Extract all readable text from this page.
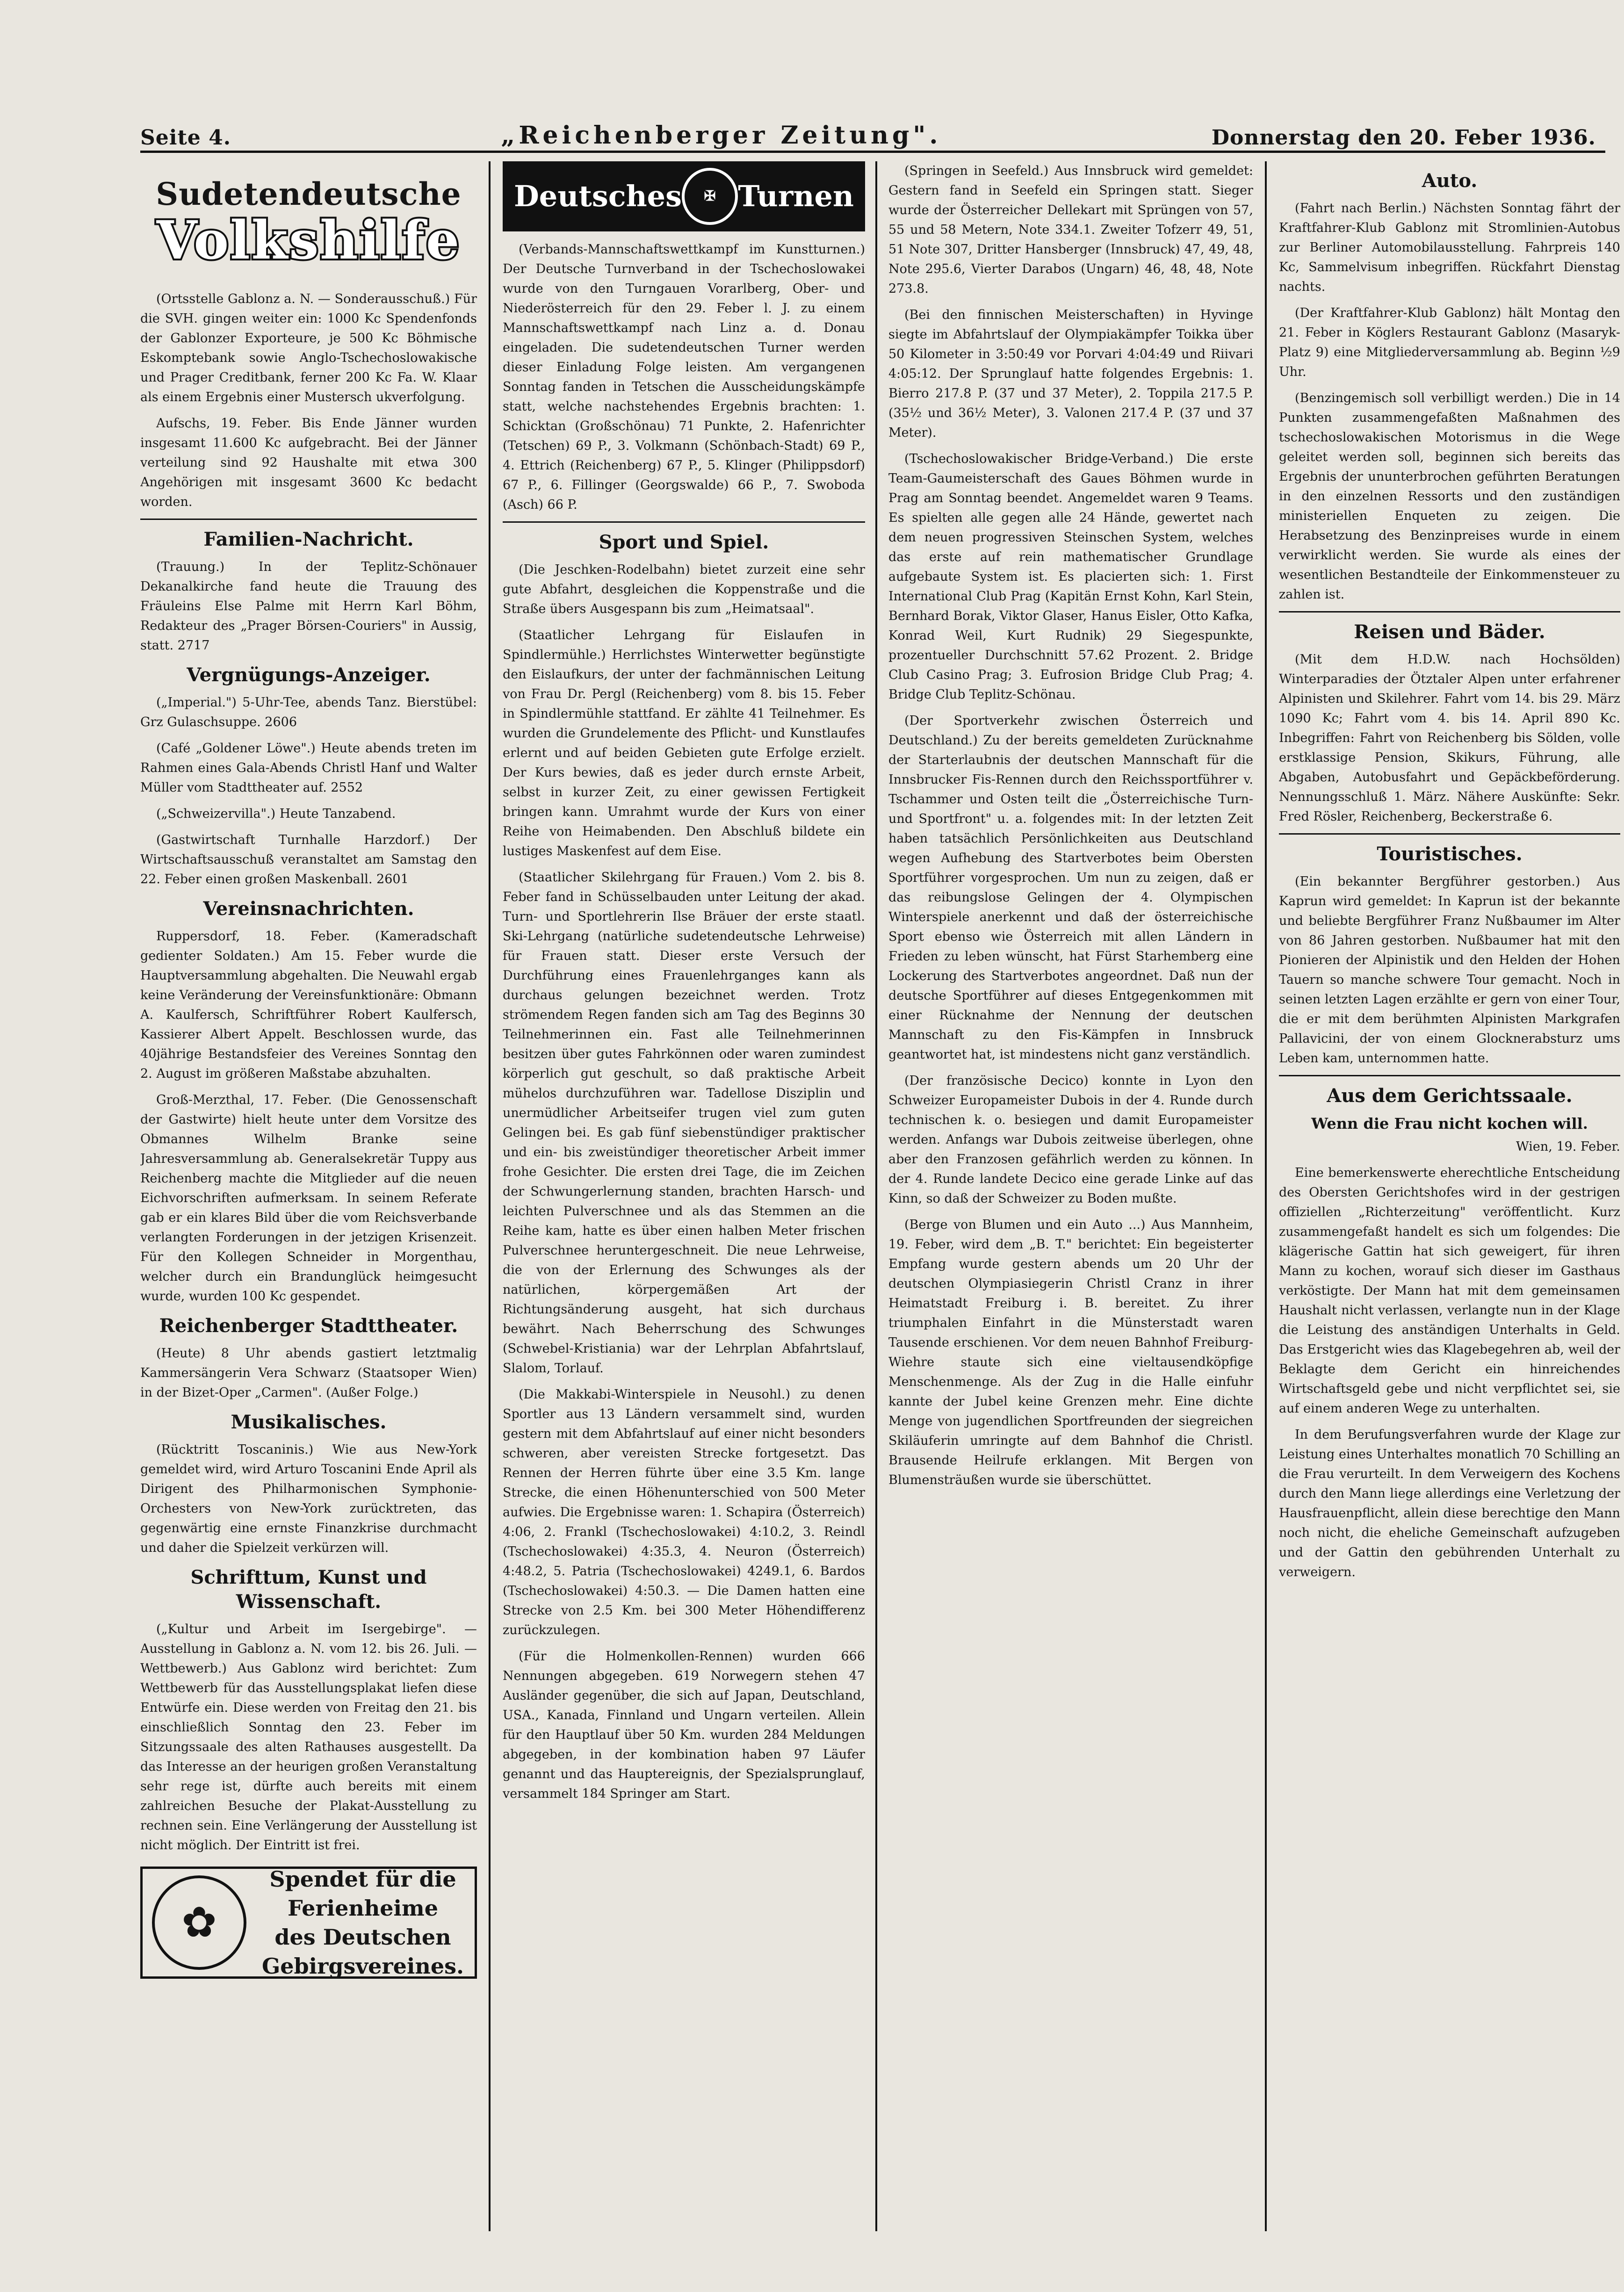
Seite 4.	„Reichenberger Zeitung".	Donnerstag den 20. Feber 1936.
Sudetendeutsche
Volkshilfe

(Ortsstelle Gablonz a. N. — Sonderausschuß.) Für die SVH. gingen weiter ein: 1000 Kc Spendenfonds der Gablonzer Exporteure, je 500 Kc Böhmische Eskomptebank sowie Anglo-Tschechoslowakische und Prager Creditbank, ferner 200 Kc Fa. W. Klaar als einem Ergebnis einer Mustersch ukverfolgung.

Aufschs, 19. Feber. Bis Ende Jänner wurden insgesamt 11.600 Kc aufgebracht. Bei der Jänner verteilung sind 92 Haushalte mit etwa 300 Angehörigen mit insgesamt 3600 Kc bedacht worden.

Familien-Nachricht.

(Trauung.) In der Teplitz-Schönauer Dekanalkirche fand heute die Trauung des Fräuleins Else Palme mit Herrn Karl Böhm, Redakteur des „Prager Börsen-Couriers" in Aussig, statt. 2717

Vergnügungs-Anzeiger.

(„Imperial.") 5-Uhr-Tee, abends Tanz. Bierstübel: Grz Gulaschsuppe. 2606

(Café „Goldener Löwe".) Heute abends treten im Rahmen eines Gala-Abends Christl Hanf und Walter Müller vom Stadttheater auf. 2552

(„Schweizervilla".) Heute Tanzabend.

(Gastwirtschaft Turnhalle Harzdorf.) Der Wirtschaftsausschuß veranstaltet am Samstag den 22. Feber einen großen Maskenball. 2601

Vereinsnachrichten.

Ruppersdorf, 18. Feber. (Kameradschaft gedienter Soldaten.) Am 15. Feber wurde die Hauptversammlung abgehalten. Die Neuwahl ergab keine Veränderung der Vereinsfunktionäre: Obmann A. Kaulfersch, Schriftführer Robert Kaulfersch, Kassierer Albert Appelt. Beschlossen wurde, das 40jährige Bestandsfeier des Vereines Sonntag den 2. August im größeren Maßstabe abzuhalten.

Groß-Merzthal, 17. Feber. (Die Genossenschaft der Gastwirte) hielt heute unter dem Vorsitze des Obmannes Wilhelm Branke seine Jahresversammlung ab. Generalsekretär Tuppy aus Reichenberg machte die Mitglieder auf die neuen Eichvorschriften aufmerksam. In seinem Referate gab er ein klares Bild über die vom Reichsverbande verlangten Forderungen in der jetzigen Krisenzeit. Für den Kollegen Schneider in Morgenthau, welcher durch ein Brandunglück heimgesucht wurde, wurden 100 Kc gespendet.

Reichenberger Stadttheater.

(Heute) 8 Uhr abends gastiert letztmalig Kammersängerin Vera Schwarz (Staatsoper Wien) in der Bizet-Oper „Carmen". (Außer Folge.)

Musikalisches.

(Rücktritt Toscaninis.) Wie aus New-York gemeldet wird, wird Arturo Toscanini Ende April als Dirigent des Philharmonischen Symphonie-Orchesters von New-York zurücktreten, das gegenwärtig eine ernste Finanzkrise durchmacht und daher die Spielzeit verkürzen will.

Schrifttum, Kunst und Wissenschaft.

(„Kultur und Arbeit im Isergebirge". — Ausstellung in Gablonz a. N. vom 12. bis 26. Juli. — Wettbewerb.) Aus Gablonz wird berichtet: Zum Wettbewerb für das Ausstellungsplakat liefen diese Entwürfe ein. Diese werden von Freitag den 21. bis einschließlich Sonntag den 23. Feber im Sitzungssaale des alten Rathauses ausgestellt. Da das Interesse an der heurigen großen Veranstaltung sehr rege ist, dürfte auch bereits mit einem zahlreichen Besuche der Plakat-Ausstellung zu rechnen sein. Eine Verlängerung der Ausstellung ist nicht möglich. Der Eintritt ist frei.

✿
Spendet für die
Ferienheime
des Deutschen
Gebirgsvereines.
Deutsches	✠ Turnen

(Verbands-Mannschaftswettkampf im Kunstturnen.) Der Deutsche Turnverband in der Tschechoslowakei wurde von den Turngauen Vorarlberg, Ober- und Niederösterreich für den 29. Feber l. J. zu einem Mannschaftswettkampf nach Linz a. d. Donau eingeladen. Die sudetendeutschen Turner werden dieser Einladung Folge leisten. Am vergangenen Sonntag fanden in Tetschen die Ausscheidungskämpfe statt, welche nachstehendes Ergebnis brachten: 1. Schicktan (Großschönau) 71 Punkte, 2. Hafenrichter (Tetschen) 69 P., 3. Volkmann (Schönbach-Stadt) 69 P., 4. Ettrich (Reichenberg) 67 P., 5. Klinger (Philippsdorf) 67 P., 6. Fillinger (Georgswalde) 66 P., 7. Swoboda (Asch) 66 P.

Sport und Spiel.

(Die Jeschken-Rodelbahn) bietet zurzeit eine sehr gute Abfahrt, desgleichen die Koppenstraße und die Straße übers Ausgespann bis zum „Heimatsaal".

(Staatlicher Lehrgang für Eislaufen in Spindlermühle.) Herrlichstes Winterwetter begünstigte den Eislaufkurs, der unter der fachmännischen Leitung von Frau Dr. Pergl (Reichenberg) vom 8. bis 15. Feber in Spindlermühle stattfand. Er zählte 41 Teilnehmer. Es wurden die Grundelemente des Pflicht- und Kunstlaufes erlernt und auf beiden Gebieten gute Erfolge erzielt. Der Kurs bewies, daß es jeder durch ernste Arbeit, selbst in kurzer Zeit, zu einer gewissen Fertigkeit bringen kann. Umrahmt wurde der Kurs von einer Reihe von Heimabenden. Den Abschluß bildete ein lustiges Maskenfest auf dem Eise.

(Staatlicher Skilehrgang für Frauen.) Vom 2. bis 8. Feber fand in Schüsselbauden unter Leitung der akad. Turn- und Sportlehrerin Ilse Bräuer der erste staatl. Ski-Lehrgang (natürliche sudetendeutsche Lehrweise) für Frauen statt. Dieser erste Versuch der Durchführung eines Frauenlehrganges kann als durchaus gelungen bezeichnet werden. Trotz strömendem Regen fanden sich am Tag des Beginns 30 Teilnehmerinnen ein. Fast alle Teilnehmerinnen besitzen über gutes Fahrkönnen oder waren zumindest körperlich gut geschult, so daß praktische Arbeit mühelos durchzuführen war. Tadellose Disziplin und unermüdlicher Arbeitseifer trugen viel zum guten Gelingen bei. Es gab fünf siebenstündiger praktischer und ein- bis zweistündiger theoretischer Arbeit immer frohe Gesichter. Die ersten drei Tage, die im Zeichen der Schwungerlernung standen, brachten Harsch- und leichten Pulverschnee und als das Stemmen an die Reihe kam, hatte es über einen halben Meter frischen Pulverschnee heruntergeschneit. Die neue Lehrweise, die von der Erlernung des Schwunges als der natürlichen, körpergemäßen Art der Richtungsänderung ausgeht, hat sich durchaus bewährt. Nach Beherrschung des Schwunges (Schwebel-Kristiania) war der Lehrplan Abfahrtslauf, Slalom, Torlauf.

(Die Makkabi-Winterspiele in Neusohl.) zu denen Sportler aus 13 Ländern versammelt sind, wurden gestern mit dem Abfahrtslauf auf einer nicht besonders schweren, aber vereisten Strecke fortgesetzt. Das Rennen der Herren führte über eine 3.5 Km. lange Strecke, die einen Höhenunterschied von 500 Meter aufwies. Die Ergebnisse waren: 1. Schapira (Österreich) 4:06, 2. Frankl (Tschechoslowakei) 4:10.2, 3. Reindl (Tschechoslowakei) 4:35.3, 4. Neuron (Österreich) 4:48.2, 5. Patria (Tschechoslowakei) 4249.1, 6. Bardos (Tschechoslowakei) 4:50.3. — Die Damen hatten eine Strecke von 2.5 Km. bei 300 Meter Höhendifferenz zurückzulegen.

(Für die Holmenkollen-Rennen) wurden 666 Nennungen abgegeben. 619 Norwegern stehen 47 Ausländer gegenüber, die sich auf Japan, Deutschland, USA., Kanada, Finnland und Ungarn verteilen. Allein für den Hauptlauf über 50 Km. wurden 284 Meldungen abgegeben, in der kombination haben 97 Läufer genannt und das Hauptereignis, der Spezialsprunglauf, versammelt 184 Springer am Start.

(Springen in Seefeld.) Aus Innsbruck wird gemeldet: Gestern fand in Seefeld ein Springen statt. Sieger wurde der Österreicher Dellekart mit Sprüngen von 57, 55 und 58 Metern, Note 334.1. Zweiter Tofzerr 49, 51, 51 Note 307, Dritter Hansberger (Innsbruck) 47, 49, 48, Note 295.6, Vierter Darabos (Ungarn) 46, 48, 48, Note 273.8.

(Bei den finnischen Meisterschaften) in Hyvinge siegte im Abfahrtslauf der Olympiakämpfer Toikka über 50 Kilometer in 3:50:49 vor Porvari 4:04:49 und Riivari 4:05:12. Der Sprunglauf hatte folgendes Ergebnis: 1. Bierro 217.8 P. (37 und 37 Meter), 2. Toppila 217.5 P. (35½ und 36½ Meter), 3. Valonen 217.4 P. (37 und 37 Meter).

(Tschechoslowakischer Bridge-Verband.) Die erste Team-Gaumeisterschaft des Gaues Böhmen wurde in Prag am Sonntag beendet. Angemeldet waren 9 Teams. Es spielten alle gegen alle 24 Hände, gewertet nach dem neuen progressiven Steinschen System, welches das erste auf rein mathematischer Grundlage aufgebaute System ist. Es placierten sich: 1. First International Club Prag (Kapitän Ernst Kohn, Karl Stein, Bernhard Borak, Viktor Glaser, Hanus Eisler, Otto Kafka, Konrad Weil, Kurt Rudnik) 29 Siegespunkte, prozentueller Durchschnitt 57.62 Prozent. 2. Bridge Club Casino Prag; 3. Eufrosion Bridge Club Prag; 4. Bridge Club Teplitz-Schönau.

(Der Sportverkehr zwischen Österreich und Deutschland.) Zu der bereits gemeldeten Zurücknahme der Starterlaubnis der deutschen Mannschaft für die Innsbrucker Fis-Rennen durch den Reichssportführer v. Tschammer und Osten teilt die „Österreichische Turn- und Sportfront" u. a. folgendes mit: In der letzten Zeit haben tatsächlich Persönlichkeiten aus Deutschland wegen Aufhebung des Startverbotes beim Obersten Sportführer vorgesprochen. Um nun zu zeigen, daß er das reibungslose Gelingen der 4. Olympischen Winterspiele anerkennt und daß der österreichische Sport ebenso wie Österreich mit allen Ländern in Frieden zu leben wünscht, hat Fürst Starhemberg eine Lockerung des Startverbotes angeordnet. Daß nun der deutsche Sportführer auf dieses Entgegenkommen mit einer Rücknahme der Nennung der deutschen Mannschaft zu den Fis-Kämpfen in Innsbruck geantwortet hat, ist mindestens nicht ganz verständlich.

(Der französische Decico) konnte in Lyon den Schweizer Europameister Dubois in der 4. Runde durch technischen k. o. besiegen und damit Europameister werden. Anfangs war Dubois zeitweise überlegen, ohne aber den Franzosen gefährlich werden zu können. In der 4. Runde landete Decico eine gerade Linke auf das Kinn, so daß der Schweizer zu Boden mußte.

(Berge von Blumen und ein Auto ...) Aus Mannheim, 19. Feber, wird dem „B. T." berichtet: Ein begeisterter Empfang wurde gestern abends um 20 Uhr der deutschen Olympiasiegerin Christl Cranz in ihrer Heimatstadt Freiburg i. B. bereitet. Zu ihrer triumphalen Einfahrt in die Münsterstadt waren Tausende erschienen. Vor dem neuen Bahnhof Freiburg-Wiehre staute sich eine vieltausendköpfige Menschenmenge. Als der Zug in die Halle einfuhr kannte der Jubel keine Grenzen mehr. Eine dichte Menge von jugendlichen Sportfreunden der siegreichen Skiläuferin umringte auf dem Bahnhof die Christl. Brausende Heilrufe erklangen. Mit Bergen von Blumensträußen wurde sie überschüttet.

Auto.

(Fahrt nach Berlin.) Nächsten Sonntag fährt der Kraftfahrer-Klub Gablonz mit Stromlinien-Autobus zur Berliner Automobilausstellung. Fahrpreis 140 Kc, Sammelvisum inbegriffen. Rückfahrt Dienstag nachts.

(Der Kraftfahrer-Klub Gablonz) hält Montag den 21. Feber in Köglers Restaurant Gablonz (Masaryk-Platz 9) eine Mitgliederversammlung ab. Beginn ½9 Uhr.

(Benzingemisch soll verbilligt werden.) Die in 14 Punkten zusammengefaßten Maßnahmen des tschechoslowakischen Motorismus in die Wege geleitet werden soll, beginnen sich bereits das Ergebnis der ununterbrochen geführten Beratungen in den einzelnen Ressorts und den zuständigen ministeriellen Enqueten zu zeigen. Die Herabsetzung des Benzinpreises wurde in einem verwirklicht werden. Sie wurde als eines der wesentlichen Bestandteile der Einkommensteuer zu zahlen ist.

Reisen und Bäder.

(Mit dem H.D.W. nach Hochsölden) Winterparadies der Ötztaler Alpen unter erfahrener Alpinisten und Skilehrer. Fahrt vom 14. bis 29. März 1090 Kc; Fahrt vom 4. bis 14. April 890 Kc. Inbegriffen: Fahrt von Reichenberg bis Sölden, volle erstklassige Pension, Skikurs, Führung, alle Abgaben, Autobusfahrt und Gepäckbeförderung. Nennungsschluß 1. März. Nähere Auskünfte: Sekr. Fred Rösler, Reichenberg, Beckerstraße 6.

Touristisches.

(Ein bekannter Bergführer gestorben.) Aus Kaprun wird gemeldet: In Kaprun ist der bekannte und beliebte Bergführer Franz Nußbaumer im Alter von 86 Jahren gestorben. Nußbaumer hat mit den Pionieren der Alpinistik und den Helden der Hohen Tauern so manche schwere Tour gemacht. Noch in seinen letzten Lagen erzählte er gern von einer Tour, die er mit dem berühmten Alpinisten Markgrafen Pallavicini, der von einem Glocknerabsturz ums Leben kam, unternommen hatte.

Aus dem Gerichtssaale.
Wenn die Frau nicht kochen will.

Wien, 19. Feber.

Eine bemerkenswerte eherechtliche Entscheidung des Obersten Gerichtshofes wird in der gestrigen offiziellen „Richterzeitung" veröffentlicht. Kurz zusammengefaßt handelt es sich um folgendes: Die klägerische Gattin hat sich geweigert, für ihren Mann zu kochen, worauf sich dieser im Gasthaus verköstigte. Der Mann hat mit dem gemeinsamen Haushalt nicht verlassen, verlangte nun in der Klage die Leistung des anständigen Unterhalts in Geld. Das Erstgericht wies das Klagebegehren ab, weil der Beklagte dem Gericht ein hinreichendes Wirtschaftsgeld gebe und nicht verpflichtet sei, sie auf einem anderen Wege zu unterhalten.

In dem Berufungsverfahren wurde der Klage zur Leistung eines Unterhaltes monatlich 70 Schilling an die Frau verurteilt. In dem Verweigern des Kochens durch den Mann liege allerdings eine Verletzung der Hausfrauenpflicht, allein diese berechtige den Mann noch nicht, die eheliche Gemeinschaft aufzugeben und der Gattin den gebührenden Unterhalt zu verweigern.
